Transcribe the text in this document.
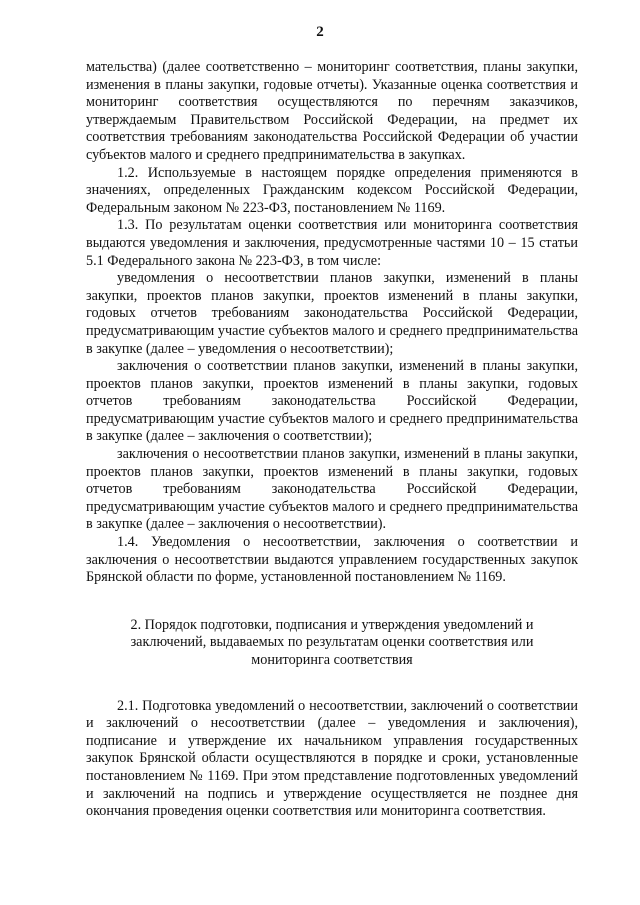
2

мательства) (далее соответственно – мониторинг соответствия, планы закупки, изменения в планы закупки, годовые отчеты). Указанные оценка соответствия и мониторинг соответствия осуществляются по перечням заказчиков, утверждаемым Правительством Российской Федерации, на предмет их соответствия требованиям законодательства Российской Федерации об участии субъектов малого и среднего предпринимательства в закупках.

1.2. Используемые в настоящем порядке определения применяются в значениях, определенных Гражданским кодексом Российской Федерации, Федеральным законом № 223-ФЗ, постановлением № 1169.

1.3. По результатам оценки соответствия или мониторинга соответствия выдаются уведомления и заключения, предусмотренные частями 10 – 15 статьи 5.1 Федерального закона № 223-ФЗ, в том числе:

уведомления о несоответствии планов закупки, изменений в планы закупки, проектов планов закупки, проектов изменений в планы закупки, годовых отчетов требованиям законодательства Российской Федерации, предусматривающим участие субъектов малого и среднего предпринимательства в закупке (далее – уведомления о несоответствии);

заключения о соответствии планов закупки, изменений в планы закупки, проектов планов закупки, проектов изменений в планы закупки, годовых отчетов требованиям законодательства Российской Федерации, предусматривающим участие субъектов малого и среднего предпринимательства в закупке (далее – заключения о соответствии);

заключения о несоответствии планов закупки, изменений в планы закупки, проектов планов закупки, проектов изменений в планы закупки, годовых отчетов требованиям законодательства Российской Федерации, предусматривающим участие субъектов малого и среднего предпринимательства в закупке (далее – заключения о несоответствии).

1.4. Уведомления о несоответствии, заключения о соответствии и заключения о несоответствии выдаются управлением государственных закупок Брянской области по форме, установленной постановлением № 1169.

2. Порядок подготовки, подписания и утверждения уведомлений и заключений, выдаваемых по результатам оценки соответствия или мониторинга соответствия

2.1. Подготовка уведомлений о несоответствии, заключений о соответствии и заключений о несоответствии (далее – уведомления и заключения), подписание и утверждение их начальником управления государственных закупок Брянской области осуществляются в порядке и сроки, установленные постановлением № 1169. При этом представление подготовленных уведомлений и заключений на подпись и утверждение осуществляется не позднее дня окончания проведения оценки соответствия или мониторинга соответствия.
